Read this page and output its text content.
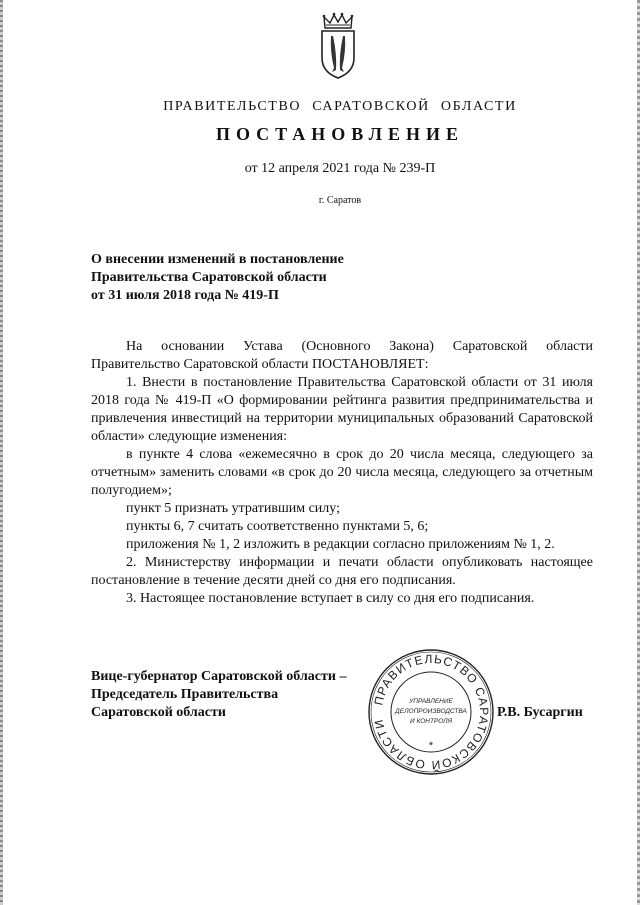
ПРАВИТЕЛЬСТВО САРАТОВСКОЙ ОБЛАСТИ
ПОСТАНОВЛЕНИЕ
от 12 апреля 2021 года № 239-П
г. Саратов
О внесении изменений в постановление
Правительства Саратовской области
от 31 июля 2018 года № 419-П

На основании Устава (Основного Закона) Саратовской области Правительство Саратовской области ПОСТАНОВЛЯЕТ:

1. Внести в постановление Правительства Саратовской области от 31 июля 2018 года № 419-П «О формировании рейтинга развития предпринимательства и привлечения инвестиций на территории муниципальных образований Саратовской области» следующие изменения:

в пункте 4 слова «ежемесячно в срок до 20 числа месяца, следующего за отчетным» заменить словами «в срок до 20 числа месяца, следующего за отчетным полугодием»;

пункт 5 признать утратившим силу;

пункты 6, 7 считать соответственно пунктами 5, 6;

приложения № 1, 2 изложить в редакции согласно приложениям № 1, 2.

2. Министерству информации и печати области опубликовать настоящее постановление в течение десяти дней со дня его подписания.

3. Настоящее постановление вступает в силу со дня его подписания.

Вице-губернатор Саратовской области –
Председатель Правительства
Саратовской области
ПРАВИТЕЛЬСТВО САРАТОВСКОЙ ОБЛАСТИ
*
УПРАВЛЕНИЕ
ДЕЛОПРОИЗВОДСТВА
И КОНТРОЛЯ
Р.В. Бусаргин
